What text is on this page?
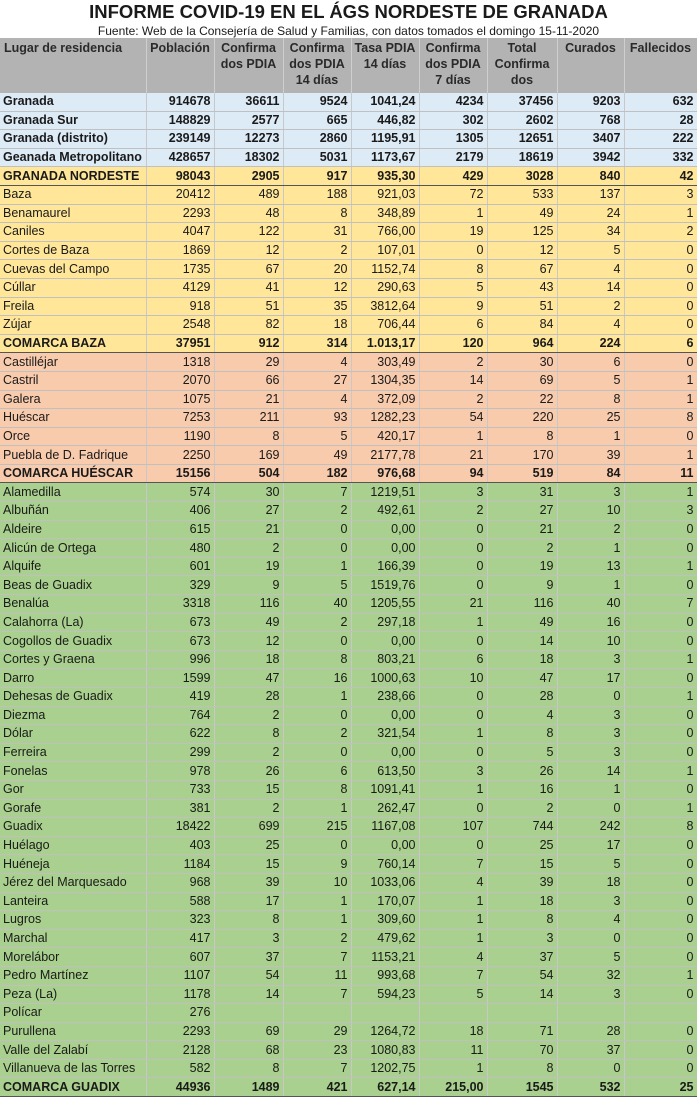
INFORME COVID-19 EN EL ÁGS NORDESTE DE GRANADA
Fuente: Web de la Consejería de Salud y Familias, con datos tomados el domingo 15-11-2020
Lugar de residencia	Población	Confirma dos PDIA	Confirma dos PDIA 14 días	Tasa PDIA 14 días	Confirma dos PDIA 7 días	Total Confirma dos	Curados	Fallecidos
Granada	914678	36611	9524	1041,24	4234	37456	9203	632
Granada Sur	148829	2577	665	446,82	302	2602	768	28
Granada (distrito)	239149	12273	2860	1195,91	1305	12651	3407	222
Geanada Metropolitano	428657	18302	5031	1173,67	2179	18619	3942	332
GRANADA NORDESTE	98043	2905	917	935,30	429	3028	840	42
Baza	20412	489	188	921,03	72	533	137	3
Benamaurel	2293	48	8	348,89	1	49	24	1
Caniles	4047	122	31	766,00	19	125	34	2
Cortes de Baza	1869	12	2	107,01	0	12	5	0
Cuevas del Campo	1735	67	20	1152,74	8	67	4	0
Cúllar	4129	41	12	290,63	5	43	14	0
Freila	918	51	35	3812,64	9	51	2	0
Zújar	2548	82	18	706,44	6	84	4	0
COMARCA BAZA	37951	912	314	1.013,17	120	964	224	6
Castilléjar	1318	29	4	303,49	2	30	6	0
Castril	2070	66	27	1304,35	14	69	5	1
Galera	1075	21	4	372,09	2	22	8	1
Huéscar	7253	211	93	1282,23	54	220	25	8
Orce	1190	8	5	420,17	1	8	1	0
Puebla de D. Fadrique	2250	169	49	2177,78	21	170	39	1
COMARCA HUÉSCAR	15156	504	182	976,68	94	519	84	11
Alamedilla	574	30	7	1219,51	3	31	3	1
Albuñán	406	27	2	492,61	2	27	10	3
Aldeire	615	21	0	0,00	0	21	2	0
Alicún de Ortega	480	2	0	0,00	0	2	1	0
Alquife	601	19	1	166,39	0	19	13	1
Beas de Guadix	329	9	5	1519,76	0	9	1	0
Benalúa	3318	116	40	1205,55	21	116	40	7
Calahorra (La)	673	49	2	297,18	1	49	16	0
Cogollos de Guadix	673	12	0	0,00	0	14	10	0
Cortes y Graena	996	18	8	803,21	6	18	3	1
Darro	1599	47	16	1000,63	10	47	17	0
Dehesas de Guadix	419	28	1	238,66	0	28	0	1
Diezma	764	2	0	0,00	0	4	3	0
Dólar	622	8	2	321,54	1	8	3	0
Ferreira	299	2	0	0,00	0	5	3	0
Fonelas	978	26	6	613,50	3	26	14	1
Gor	733	15	8	1091,41	1	16	1	0
Gorafe	381	2	1	262,47	0	2	0	1
Guadix	18422	699	215	1167,08	107	744	242	8
Huélago	403	25	0	0,00	0	25	17	0
Huéneja	1184	15	9	760,14	7	15	5	0
Jérez del Marquesado	968	39	10	1033,06	4	39	18	0
Lanteira	588	17	1	170,07	1	18	3	0
Lugros	323	8	1	309,60	1	8	4	0
Marchal	417	3	2	479,62	1	3	0	0
Morelábor	607	37	7	1153,21	4	37	5	0
Pedro Martínez	1107	54	11	993,68	7	54	32	1
Peza (La)	1178	14	7	594,23	5	14	3	0
Polícar	276							
Purullena	2293	69	29	1264,72	18	71	28	0
Valle del Zalabí	2128	68	23	1080,83	11	70	37	0
Villanueva de las Torres	582	8	7	1202,75	1	8	0	0
COMARCA GUADIX	44936	1489	421	627,14	215,00	1545	532	25
